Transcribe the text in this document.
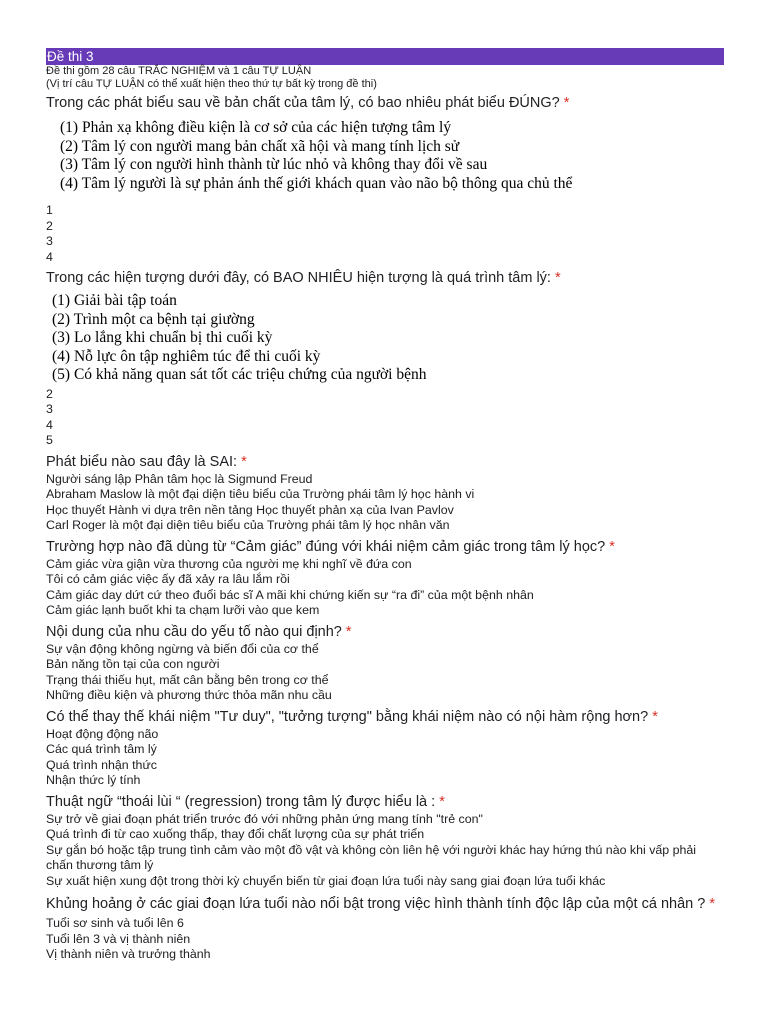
Đề thi 3
Đề thi gồm 28 câu TRẮC NGHIỆM và 1 câu TỰ LUẬN
(Vị trí câu TỰ LUẬN có thể xuất hiện theo thứ tự bất kỳ trong đề thi)
Trong các phát biểu sau về bản chất của tâm lý, có bao nhiêu phát biểu ĐÚNG? *
(1) Phản xạ không điều kiện là cơ sở của các hiện tượng tâm lý
(2) Tâm lý con người mang bản chất xã hội và mang tính lịch sử
(3) Tâm lý con người hình thành từ lúc nhỏ và không thay đổi về sau
(4) Tâm lý người là sự phản ánh thế giới khách quan vào não bộ thông qua chủ thể
1
2
3
4
Trong các hiện tượng dưới đây, có BAO NHIÊU hiện tượng là quá trình tâm lý: *
(1) Giải bài tập toán
(2) Trình một ca bệnh tại giường
(3) Lo lắng khi chuẩn bị thi cuối kỳ
(4) Nỗ lực ôn tập nghiêm túc để thi cuối kỳ
(5) Có khả năng quan sát tốt các triệu chứng của người bệnh
2
3
4
5
Phát biểu nào sau đây là SAI: *
Người sáng lập Phân tâm học là Sigmund Freud
Abraham Maslow là một đại diện tiêu biểu của Trường phái tâm lý học hành vi
Học thuyết Hành vi dựa trên nền tảng Học thuyết phản xạ của Ivan Pavlov
Carl Roger là một đại diện tiêu biểu của Trường phái tâm lý học nhân văn
Trường hợp nào đã dùng từ “Cảm giác” đúng với khái niệm cảm giác trong tâm lý học? *
Cảm giác vừa giận vừa thương của người mẹ khi nghĩ về đứa con
Tôi có cảm giác việc ấy đã xảy ra lâu lắm rồi
Cảm giác day dứt cứ theo đuổi bác sĩ A mãi khi chứng kiến sự “ra đi” của một bệnh nhân
Cảm giác lạnh buốt khi ta chạm lưỡi vào que kem
Nội dung của nhu cầu do yếu tố nào qui định? *
Sự vận động không ngừng và biến đổi của cơ thể
Bản năng tồn tại của con người
Trạng thái thiếu hụt, mất cân bằng bên trong cơ thể
Những điều kiện và phương thức thỏa mãn nhu cầu
Có thể thay thế khái niệm "Tư duy", "tưởng tượng" bằng khái niệm nào có nội hàm rộng hơn? *
Hoạt động động não
Các quá trình tâm lý
Quá trình nhận thức
Nhận thức lý tính
Thuật ngữ “thoái lùi “ (regression) trong tâm lý được hiểu là : *
Sự trở về giai đoạn phát triển trước đó với những phản ứng mang tính "trẻ con"
Quá trình đi từ cao xuống thấp, thay đổi chất lượng của sự phát triển
Sự gắn bó hoặc tập trung tình cảm vào một đồ vật và không còn liên hệ với người khác hay hứng thú nào khi vấp phải chấn thương tâm lý
Sự xuất hiện xung đột trong thời kỳ chuyển biến từ giai đoạn lứa tuổi này sang giai đoạn lứa tuổi khác
Khủng hoảng ở các giai đoạn lứa tuổi nào nổi bật trong việc hình thành tính độc lập của một cá nhân ? *
Tuổi sơ sinh và tuổi lên 6
Tuổi lên 3 và vị thành niên
Vị thành niên và trưởng thành
